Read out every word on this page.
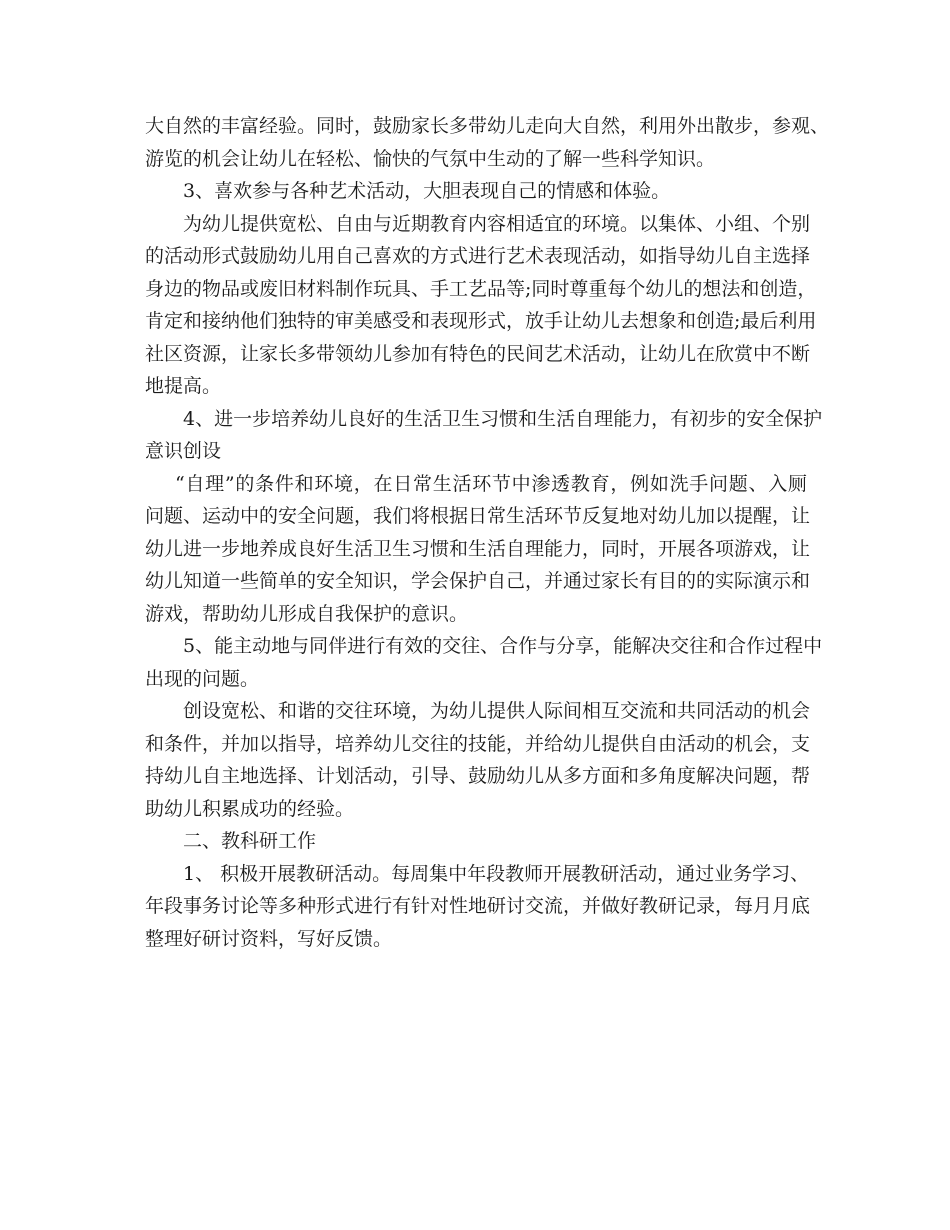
大自然的丰富经验。同时，鼓励家长多带幼儿走向大自然，利用外出散步，参观、
游览的机会让幼儿在轻松、愉快的气氛中生动的了解一些科学知识。
3、喜欢参与各种艺术活动，大胆表现自己的情感和体验。
为幼儿提供宽松、自由与近期教育内容相适宜的环境。以集体、小组、个别
的活动形式鼓励幼儿用自己喜欢的方式进行艺术表现活动，如指导幼儿自主选择
身边的物品或废旧材料制作玩具、手工艺品等;同时尊重每个幼儿的想法和创造，
肯定和接纳他们独特的审美感受和表现形式，放手让幼儿去想象和创造;最后利用
社区资源，让家长多带领幼儿参加有特色的民间艺术活动，让幼儿在欣赏中不断
地提高。
4、进一步培养幼儿良好的生活卫生习惯和生活自理能力，有初步的安全保护
意识创设
“自理”的条件和环境，在日常生活环节中渗透教育，例如洗手问题、入厕
问题、运动中的安全问题，我们将根据日常生活环节反复地对幼儿加以提醒，让
幼儿进一步地养成良好生活卫生习惯和生活自理能力，同时，开展各项游戏，让
幼儿知道一些简单的安全知识，学会保护自己，并通过家长有目的的实际演示和
游戏，帮助幼儿形成自我保护的意识。
5、能主动地与同伴进行有效的交往、合作与分享，能解决交往和合作过程中
出现的问题。
创设宽松、和谐的交往环境，为幼儿提供人际间相互交流和共同活动的机会
和条件，并加以指导，培养幼儿交往的技能，并给幼儿提供自由活动的机会，支
持幼儿自主地选择、计划活动，引导、鼓励幼儿从多方面和多角度解决问题，帮
助幼儿积累成功的经验。
二、教科研工作
1、 积极开展教研活动。每周集中年段教师开展教研活动，通过业务学习、
年段事务讨论等多种形式进行有针对性地研讨交流，并做好教研记录，每月月底
整理好研讨资料，写好反馈。
